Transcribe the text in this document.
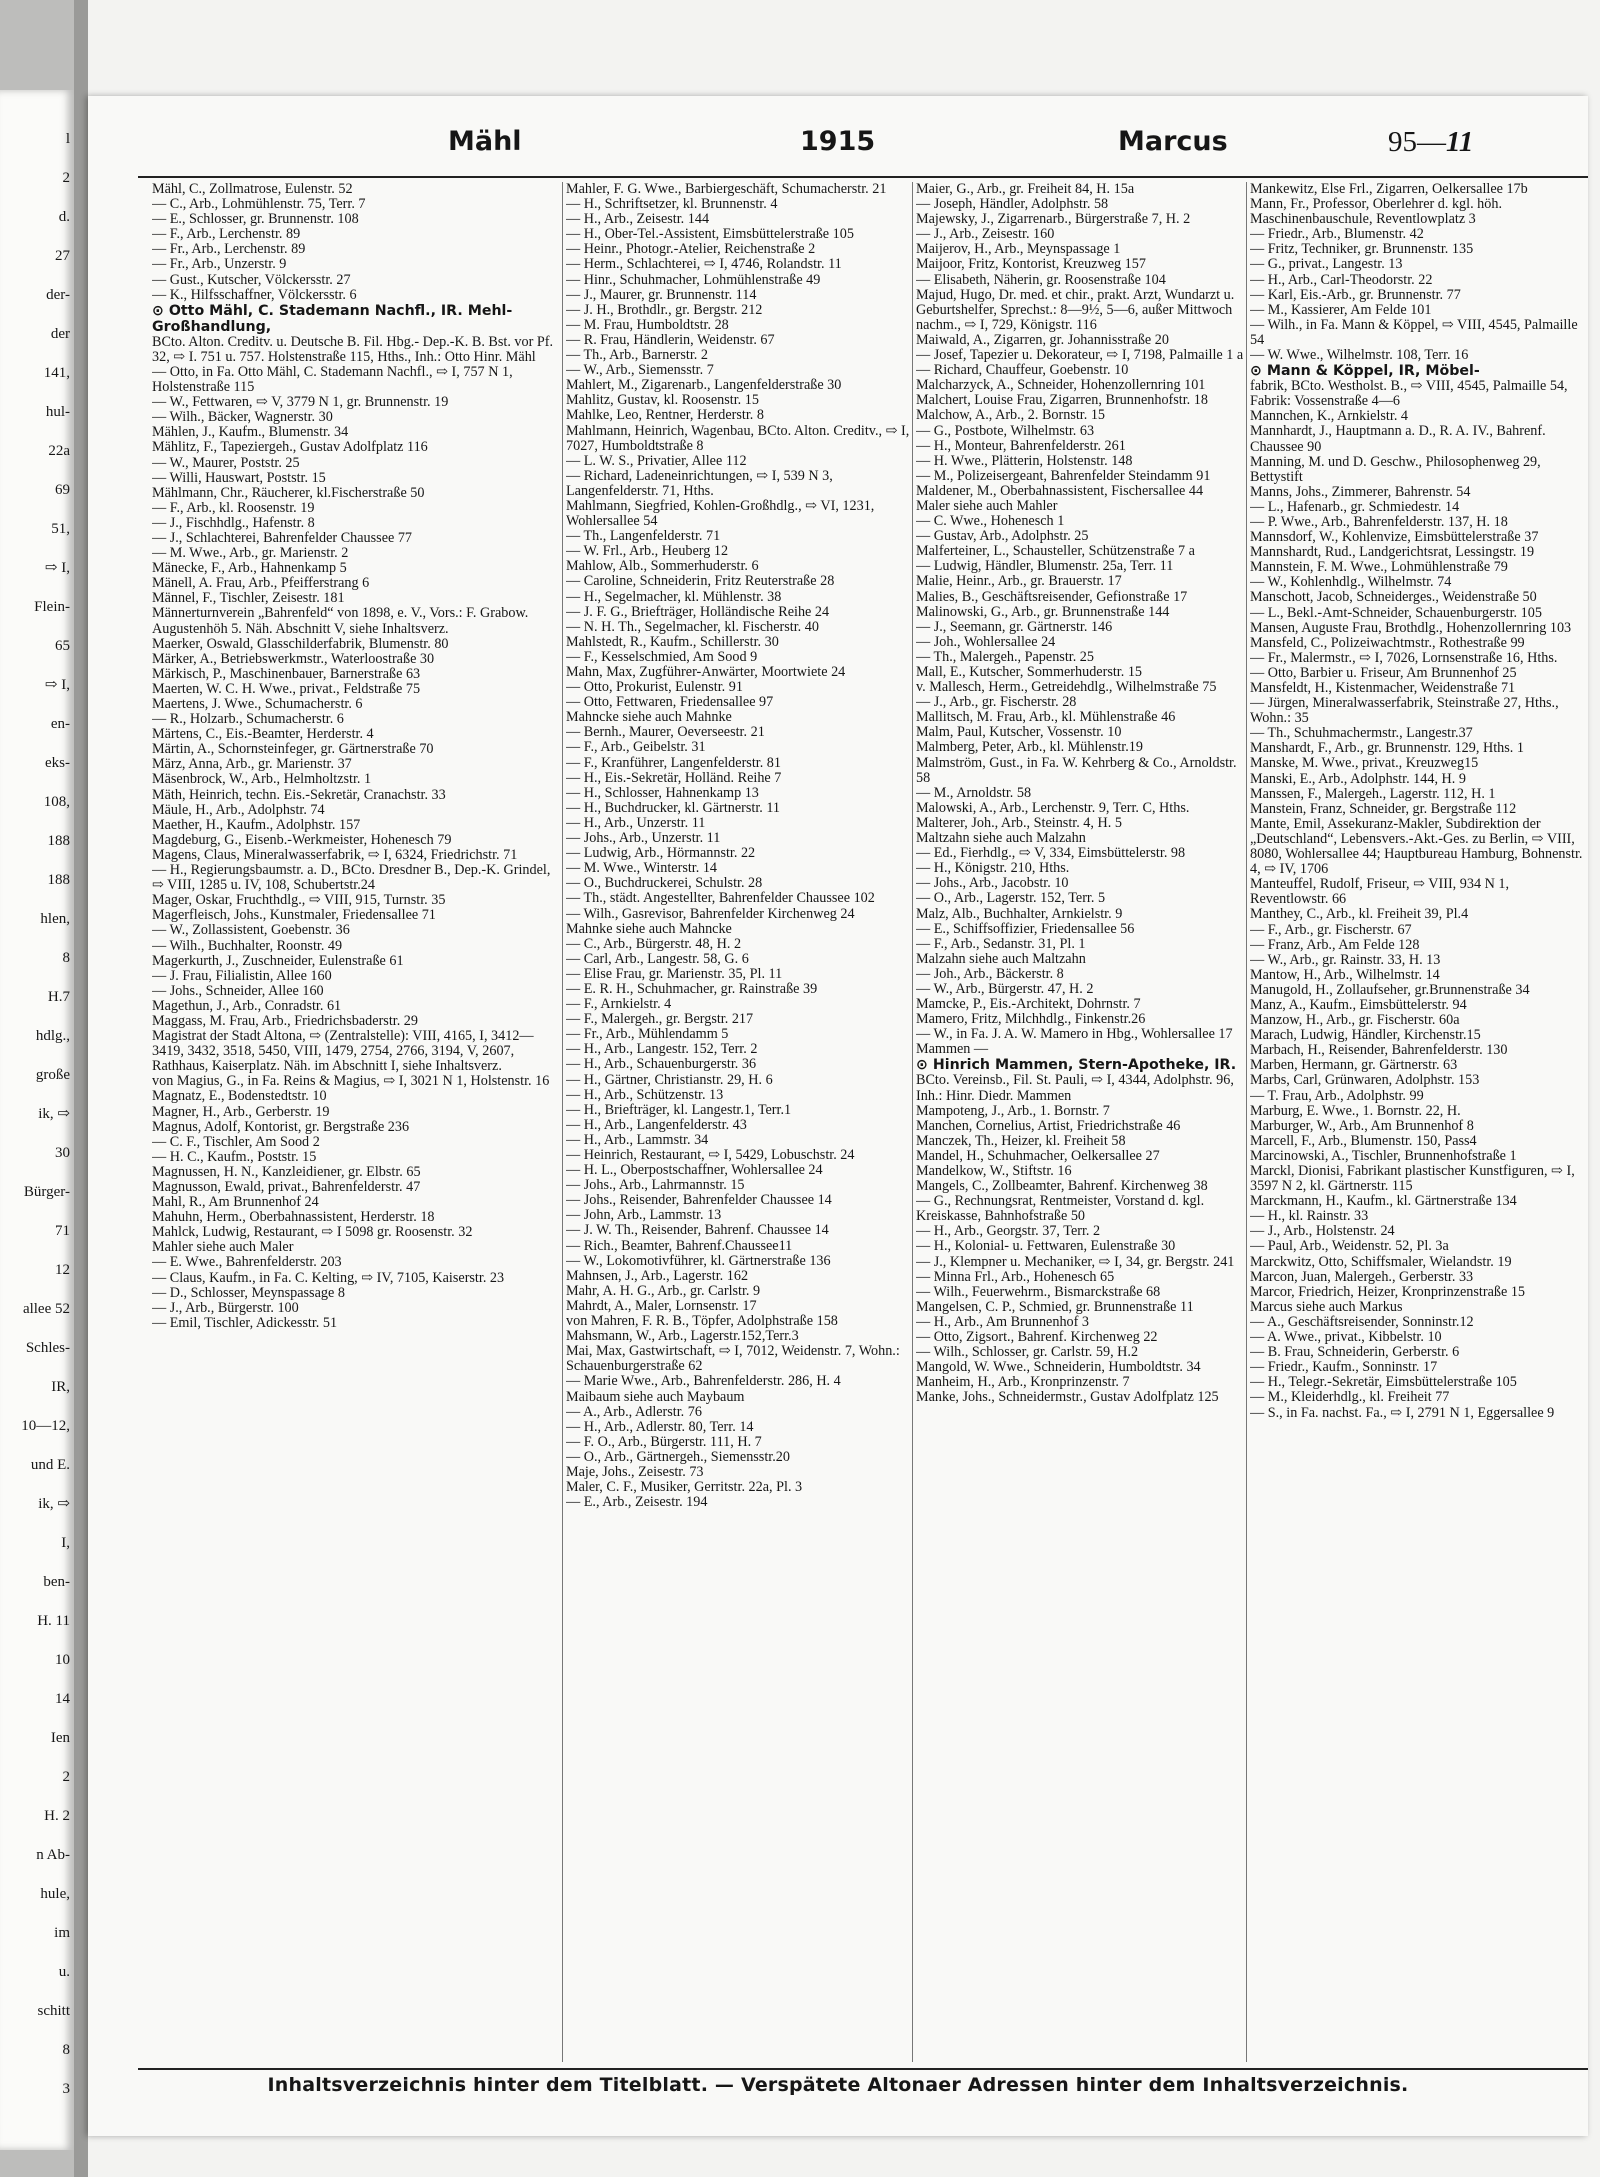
l
2
d.
27
der-
der
141,
hul-
22a
69
51,
⇨ I,
Flein-
65
⇨ I,
en-
eks-
108,
188
188
hlen,
8
H.7
hdlg.,
große
ik, ⇨
30
Bürger-
71
12
allee 52
Schles-
IR,
10—12,
und E.
ik, ⇨
I,
ben-
H. 11
10
14
Ien
2
H. 2
n Ab-
hule,
im
u.
schitt
8
3
Mähl	1915	Marcus	95—11
Mähl, C., Zollmatrose, Eulenstr. 52
— C., Arb., Lohmühlenstr. 75, Terr. 7
— E., Schlosser, gr. Brunnenstr. 108
— F., Arb., Lerchenstr. 89
— Fr., Arb., Lerchenstr. 89
— Fr., Arb., Unzerstr. 9
— Gust., Kutscher, Völckersstr. 27
— K., Hilfsschaffner, Völckersstr. 6
⊙ Otto Mähl, C. Stademann Nachfl., IR. Mehl-Großhandlung,
BCto. Alton. Creditv. u. Deutsche B. Fil. Hbg.- Dep.-K. B. Bst. vor Pf. 32, ⇨ I. 751 u. 757. Holstenstraße 115, Hths., Inh.: Otto Hinr. Mähl
— Otto, in Fa. Otto Mähl, C. Stademann Nachfl., ⇨ I, 757 N 1, Holstenstraße 115
— W., Fettwaren, ⇨ V, 3779 N 1, gr. Brunnenstr. 19
— Wilh., Bäcker, Wagnerstr. 30
Mählen, J., Kaufm., Blumenstr. 34
Mählitz, F., Tapeziergeh., Gustav Adolfplatz 116
— W., Maurer, Poststr. 25
— Willi, Hauswart, Poststr. 15
Mählmann, Chr., Räucherer, kl.Fischerstraße 50
— F., Arb., kl. Roosenstr. 19
— J., Fischhdlg., Hafenstr. 8
— J., Schlachterei, Bahrenfelder Chaussee 77
— M. Wwe., Arb., gr. Marienstr. 2
Mänecke, F., Arb., Hahnenkamp 5
Mänell, A. Frau, Arb., Pfeifferstrang 6
Männel, F., Tischler, Zeisestr. 181
Männerturnverein „Bahrenfeld“ von 1898, e. V., Vors.: F. Grabow. Augustenhöh 5. Näh. Abschnitt V, siehe Inhaltsverz.
Maerker, Oswald, Glasschilderfabrik, Blumenstr. 80
Märker, A., Betriebswerkmstr., Waterloostraße 30
Märkisch, P., Maschinenbauer, Barnerstraße 63
Maerten, W. C. H. Wwe., privat., Feldstraße 75
Maertens, J. Wwe., Schumacherstr. 6
— R., Holzarb., Schumacherstr. 6
Märtens, C., Eis.-Beamter, Herderstr. 4
Märtin, A., Schornsteinfeger, gr. Gärtnerstraße 70
März, Anna, Arb., gr. Marienstr. 37
Mäsenbrock, W., Arb., Helmholtzstr. 1
Mäth, Heinrich, techn. Eis.-Sekretär, Cranachstr. 33
Mäule, H., Arb., Adolphstr. 74
Maether, H., Kaufm., Adolphstr. 157
Magdeburg, G., Eisenb.-Werkmeister, Hohenesch 79
Magens, Claus, Mineralwasserfabrik, ⇨ I, 6324, Friedrichstr. 71
— H., Regierungsbaumstr. a. D., BCto. Dresdner B., Dep.-K. Grindel, ⇨ VIII, 1285 u. IV, 108, Schubertstr.24
Mager, Oskar, Fruchthdlg., ⇨ VIII, 915, Turnstr. 35
Magerfleisch, Johs., Kunstmaler, Friedensallee 71
— W., Zollassistent, Goebenstr. 36
— Wilh., Buchhalter, Roonstr. 49
Magerkurth, J., Zuschneider, Eulenstraße 61
— J. Frau, Filialistin, Allee 160
— Johs., Schneider, Allee 160
Magethun, J., Arb., Conradstr. 61
Maggass, M. Frau, Arb., Friedrichsbaderstr. 29
Magistrat der Stadt Altona, ⇨ (Zentralstelle): VIII, 4165, I, 3412—3419, 3432, 3518, 5450, VIII, 1479, 2754, 2766, 3194, V, 2607, Rathhaus, Kaiserplatz. Näh. im Abschnitt I, siehe Inhaltsverz.
von Magius, G., in Fa. Reins & Magius, ⇨ I, 3021 N 1, Holstenstr. 16
Magnatz, E., Bodenstedtstr. 10
Magner, H., Arb., Gerberstr. 19
Magnus, Adolf, Kontorist, gr. Bergstraße 236
— C. F., Tischler, Am Sood 2
— H. C., Kaufm., Poststr. 15
Magnussen, H. N., Kanzleidiener, gr. Elbstr. 65
Magnusson, Ewald, privat., Bahrenfelderstr. 47
Mahl, R., Am Brunnenhof 24
Mahuhn, Herm., Oberbahnassistent, Herderstr. 18
Mahlck, Ludwig, Restaurant, ⇨ I 5098 gr. Roosenstr. 32
Mahler siehe auch Maler
— E. Wwe., Bahrenfelderstr. 203
— Claus, Kaufm., in Fa. C. Kelting, ⇨ IV, 7105, Kaiserstr. 23
— D., Schlosser, Meynspassage 8
— J., Arb., Bürgerstr. 100
— Emil, Tischler, Adickesstr. 51
Mahler, F. G. Wwe., Barbiergeschäft, Schumacherstr. 21
— H., Schriftsetzer, kl. Brunnenstr. 4
— H., Arb., Zeisestr. 144
— H., Ober-Tel.-Assistent, Eimsbüttelerstraße 105
— Heinr., Photogr.-Atelier, Reichenstraße 2
— Herm., Schlachterei, ⇨ I, 4746, Rolandstr. 11
— Hinr., Schuhmacher, Lohmühlenstraße 49
— J., Maurer, gr. Brunnenstr. 114
— J. H., Brothdlr., gr. Bergstr. 212
— M. Frau, Humboldtstr. 28
— R. Frau, Händlerin, Weidenstr. 67
— Th., Arb., Barnerstr. 2
— W., Arb., Siemensstr. 7
Mahlert, M., Zigarenarb., Langenfelderstraße 30
Mahlitz, Gustav, kl. Roosenstr. 15
Mahlke, Leo, Rentner, Herderstr. 8
Mahlmann, Heinrich, Wagenbau, BCto. Alton. Creditv., ⇨ I, 7027, Humboldtstraße 8
— L. W. S., Privatier, Allee 112
— Richard, Ladeneinrichtungen, ⇨ I, 539 N 3, Langenfelderstr. 71, Hths.
Mahlmann, Siegfried, Kohlen-Großhdlg., ⇨ VI, 1231, Wohlersallee 54
— Th., Langenfelderstr. 71
— W. Frl., Arb., Heuberg 12
Mahlow, Alb., Sommerhuderstr. 6
— Caroline, Schneiderin, Fritz Reuterstraße 28
— H., Segelmacher, kl. Mühlenstr. 38
— J. F. G., Briefträger, Holländische Reihe 24
— N. H. Th., Segelmacher, kl. Fischerstr. 40
Mahlstedt, R., Kaufm., Schillerstr. 30
— F., Kesselschmied, Am Sood 9
Mahn, Max, Zugführer-Anwärter, Moortwiete 24
— Otto, Prokurist, Eulenstr. 91
— Otto, Fettwaren, Friedensallee 97
Mahncke siehe auch Mahnke
— Bernh., Maurer, Oeverseestr. 21
— F., Arb., Geibelstr. 31
— F., Kranführer, Langenfelderstr. 81
— H., Eis.-Sekretär, Holländ. Reihe 7
— H., Schlosser, Hahnenkamp 13
— H., Buchdrucker, kl. Gärtnerstr. 11
— H., Arb., Unzerstr. 11
— Johs., Arb., Unzerstr. 11
— Ludwig, Arb., Hörmannstr. 22
— M. Wwe., Winterstr. 14
— O., Buchdruckerei, Schulstr. 28
— Th., städt. Angestellter, Bahrenfelder Chaussee 102
— Wilh., Gasrevisor, Bahrenfelder Kirchenweg 24
Mahnke siehe auch Mahncke
— C., Arb., Bürgerstr. 48, H. 2
— Carl, Arb., Langestr. 58, G. 6
— Elise Frau, gr. Marienstr. 35, Pl. 11
— E. R. H., Schuhmacher, gr. Rainstraße 39
— F., Arnkielstr. 4
— F., Malergeh., gr. Bergstr. 217
— Fr., Arb., Mühlendamm 5
— H., Arb., Langestr. 152, Terr. 2
— H., Arb., Schauenburgerstr. 36
— H., Gärtner, Christianstr. 29, H. 6
— H., Arb., Schützenstr. 13
— H., Briefträger, kl. Langestr.1, Terr.1
— H., Arb., Langenfelderstr. 43
— H., Arb., Lammstr. 34
— Heinrich, Restaurant, ⇨ I, 5429, Lobuschstr. 24
— H. L., Oberpostschaffner, Wohlersallee 24
— Johs., Arb., Lahrmannstr. 15
— Johs., Reisender, Bahrenfelder Chaussee 14
— John, Arb., Lammstr. 13
— J. W. Th., Reisender, Bahrenf. Chaussee 14
— Rich., Beamter, Bahrenf.Chaussee11
— W., Lokomotivführer, kl. Gärtnerstraße 136
Mahnsen, J., Arb., Lagerstr. 162
Mahr, A. H. G., Arb., gr. Carlstr. 9
Mahrdt, A., Maler, Lornsenstr. 17
von Mahren, F. R. B., Töpfer, Adolphstraße 158
Mahsmann, W., Arb., Lagerstr.152,Terr.3
Mai, Max, Gastwirtschaft, ⇨ I, 7012, Weidenstr. 7, Wohn.: Schauenburgerstraße 62
— Marie Wwe., Arb., Bahrenfelderstr. 286, H. 4
Maibaum siehe auch Maybaum
— A., Arb., Adlerstr. 76
— H., Arb., Adlerstr. 80, Terr. 14
— F. O., Arb., Bürgerstr. 111, H. 7
— O., Arb., Gärtnergeh., Siemensstr.20
Maje, Johs., Zeisestr. 73
Maler, C. F., Musiker, Gerritstr. 22a, Pl. 3
— E., Arb., Zeisestr. 194
Maier, G., Arb., gr. Freiheit 84, H. 15a
— Joseph, Händler, Adolphstr. 58
Majewsky, J., Zigarrenarb., Bürgerstraße 7, H. 2
— J., Arb., Zeisestr. 160
Maijerov, H., Arb., Meynspassage 1
Maijoor, Fritz, Kontorist, Kreuzweg 157
— Elisabeth, Näherin, gr. Roosenstraße 104
Majud, Hugo, Dr. med. et chir., prakt. Arzt, Wundarzt u. Geburtshelfer, Sprechst.: 8—9½, 5—6, außer Mittwoch nachm., ⇨ I, 729, Königstr. 116
Maiwald, A., Zigarren, gr. Johannisstraße 20
— Josef, Tapezier u. Dekorateur, ⇨ I, 7198, Palmaille 1 a
— Richard, Chauffeur, Goebenstr. 10
Malcharzyck, A., Schneider, Hohenzollernring 101
Malchert, Louise Frau, Zigarren, Brunnenhofstr. 18
Malchow, A., Arb., 2. Bornstr. 15
— G., Postbote, Wilhelmstr. 63
— H., Monteur, Bahrenfelderstr. 261
— H. Wwe., Plätterin, Holstenstr. 148
— M., Polizeisergeant, Bahrenfelder Steindamm 91
Maldener, M., Oberbahnassistent, Fischersallee 44
Maler siehe auch Mahler
— C. Wwe., Hohenesch 1
— Gustav, Arb., Adolphstr. 25
Malferteiner, L., Schausteller, Schützenstraße 7 a
— Ludwig, Händler, Blumenstr. 25a, Terr. 11
Malie, Heinr., Arb., gr. Brauerstr. 17
Malies, B., Geschäftsreisender, Gefionstraße 17
Malinowski, G., Arb., gr. Brunnenstraße 144
— J., Seemann, gr. Gärtnerstr. 146
— Joh., Wohlersallee 24
— Th., Malergeh., Papenstr. 25
Mall, E., Kutscher, Sommerhuderstr. 15
v. Mallesch, Herm., Getreidehdlg., Wilhelmstraße 75
— J., Arb., gr. Fischerstr. 28
Mallitsch, M. Frau, Arb., kl. Mühlenstraße 46
Malm, Paul, Kutscher, Vossenstr. 10
Malmberg, Peter, Arb., kl. Mühlenstr.19
Malmström, Gust., in Fa. W. Kehrberg & Co., Arnoldstr. 58
— M., Arnoldstr. 58
Malowski, A., Arb., Lerchenstr. 9, Terr. C, Hths.
Malterer, Joh., Arb., Steinstr. 4, H. 5
Maltzahn siehe auch Malzahn
— Ed., Fierhdlg., ⇨ V, 334, Eimsbüttelerstr. 98
— H., Königstr. 210, Hths.
— Johs., Arb., Jacobstr. 10
— O., Arb., Lagerstr. 152, Terr. 5
Malz, Alb., Buchhalter, Arnkielstr. 9
— E., Schiffsoffizier, Friedensallee 56
— F., Arb., Sedanstr. 31, Pl. 1
Malzahn siehe auch Maltzahn
— Joh., Arb., Bäckerstr. 8
— W., Arb., Bürgerstr. 47, H. 2
Mamcke, P., Eis.-Architekt, Dohrnstr. 7
Mamero, Fritz, Milchhdlg., Finkenstr.26
— W., in Fa. J. A. W. Mamero in Hbg., Wohlersallee 17
Mammen —
⊙ Hinrich Mammen, Stern-Apotheke, IR.
BCto. Vereinsb., Fil. St. Pauli, ⇨ I, 4344, Adolphstr. 96, Inh.: Hinr. Diedr. Mammen
Mampoteng, J., Arb., 1. Bornstr. 7
Manchen, Cornelius, Artist, Friedrichstraße 46
Manczek, Th., Heizer, kl. Freiheit 58
Mandel, H., Schuhmacher, Oelkersallee 27
Mandelkow, W., Stiftstr. 16
Mangels, C., Zollbeamter, Bahrenf. Kirchenweg 38
— G., Rechnungsrat, Rentmeister, Vorstand d. kgl. Kreiskasse, Bahnhofstraße 50
— H., Arb., Georgstr. 37, Terr. 2
— H., Kolonial- u. Fettwaren, Eulenstraße 30
— J., Klempner u. Mechaniker, ⇨ I, 34, gr. Bergstr. 241
— Minna Frl., Arb., Hohenesch 65
— Wilh., Feuerwehrm., Bismarckstraße 68
Mangelsen, C. P., Schmied, gr. Brunnenstraße 11
— H., Arb., Am Brunnenhof 3
— Otto, Zigsort., Bahrenf. Kirchenweg 22
— Wilh., Schlosser, gr. Carlstr. 59, H.2
Mangold, W. Wwe., Schneiderin, Humboldtstr. 34
Manheim, H., Arb., Kronprinzenstr. 7
Manke, Johs., Schneidermstr., Gustav Adolfplatz 125
Mankewitz, Else Frl., Zigarren, Oelkersallee 17b
Mann, Fr., Professor, Oberlehrer d. kgl. höh. Maschinenbauschule, Reventlowplatz 3
— Friedr., Arb., Blumenstr. 42
— Fritz, Techniker, gr. Brunnenstr. 135
— G., privat., Langestr. 13
— H., Arb., Carl-Theodorstr. 22
— Karl, Eis.-Arb., gr. Brunnenstr. 77
— M., Kassierer, Am Felde 101
— Wilh., in Fa. Mann & Köppel, ⇨ VIII, 4545, Palmaille 54
— W. Wwe., Wilhelmstr. 108, Terr. 16
⊙ Mann & Köppel, IR, Möbel-
fabrik, BCto. Westholst. B., ⇨ VIII, 4545, Palmaille 54, Fabrik: Vossenstraße 4—6
Mannchen, K., Arnkielstr. 4
Mannhardt, J., Hauptmann a. D., R. A. IV., Bahrenf. Chaussee 90
Manning, M. und D. Geschw., Philosophenweg 29, Bettystift
Manns, Johs., Zimmerer, Bahrenstr. 54
— L., Hafenarb., gr. Schmiedestr. 14
— P. Wwe., Arb., Bahrenfelderstr. 137, H. 18
Mannsdorf, W., Kohlenvize, Eimsbüttelerstraße 37
Mannshardt, Rud., Landgerichtsrat, Lessingstr. 19
Mannstein, F. M. Wwe., Lohmühlenstraße 79
— W., Kohlenhdlg., Wilhelmstr. 74
Manschott, Jacob, Schneiderges., Weidenstraße 50
— L., Bekl.-Amt-Schneider, Schauenburgerstr. 105
Mansen, Auguste Frau, Brothdlg., Hohenzollernring 103
Mansfeld, C., Polizeiwachtmstr., Rothestraße 99
— Fr., Malermstr., ⇨ I, 7026, Lornsenstraße 16, Hths.
— Otto, Barbier u. Friseur, Am Brunnenhof 25
Mansfeldt, H., Kistenmacher, Weidenstraße 71
— Jürgen, Mineralwasserfabrik, Steinstraße 27, Hths., Wohn.: 35
— Th., Schuhmachermstr., Langestr.37
Manshardt, F., Arb., gr. Brunnenstr. 129, Hths. 1
Manske, M. Wwe., privat., Kreuzweg15
Manski, E., Arb., Adolphstr. 144, H. 9
Manssen, F., Malergeh., Lagerstr. 112, H. 1
Manstein, Franz, Schneider, gr. Bergstraße 112
Mante, Emil, Assekuranz-Makler, Subdirektion der „Deutschland“, Lebensvers.-Akt.-Ges. zu Berlin, ⇨ VIII, 8080, Wohlersallee 44; Hauptbureau Hamburg, Bohnenstr. 4, ⇨ IV, 1706
Manteuffel, Rudolf, Friseur, ⇨ VIII, 934 N 1, Reventlowstr. 66
Manthey, C., Arb., kl. Freiheit 39, Pl.4
— F., Arb., gr. Fischerstr. 67
— Franz, Arb., Am Felde 128
— W., Arb., gr. Rainstr. 33, H. 13
Mantow, H., Arb., Wilhelmstr. 14
Manugold, H., Zollaufseher, gr.Brunnenstraße 34
Manz, A., Kaufm., Eimsbüttelerstr. 94
Manzow, H., Arb., gr. Fischerstr. 60a
Marach, Ludwig, Händler, Kirchenstr.15
Marbach, H., Reisender, Bahrenfelderstr. 130
Marben, Hermann, gr. Gärtnerstr. 63
Marbs, Carl, Grünwaren, Adolphstr. 153
— T. Frau, Arb., Adolphstr. 99
Marburg, E. Wwe., 1. Bornstr. 22, H.
Marburger, W., Arb., Am Brunnenhof 8
Marcell, F., Arb., Blumenstr. 150, Pass4
Marcinowski, A., Tischler, Brunnenhofstraße 1
Marckl, Dionisi, Fabrikant plastischer Kunstfiguren, ⇨ I, 3597 N 2, kl. Gärtnerstr. 115
Marckmann, H., Kaufm., kl. Gärtnerstraße 134
— H., kl. Rainstr. 33
— J., Arb., Holstenstr. 24
— Paul, Arb., Weidenstr. 52, Pl. 3a
Marckwitz, Otto, Schiffsmaler, Wielandstr. 19
Marcon, Juan, Malergeh., Gerberstr. 33
Marcor, Friedrich, Heizer, Kronprinzenstraße 15
Marcus siehe auch Markus
— A., Geschäftsreisender, Sonninstr.12
— A. Wwe., privat., Kibbelstr. 10
— B. Frau, Schneiderin, Gerberstr. 6
— Friedr., Kaufm., Sonninstr. 17
— H., Telegr.-Sekretär, Eimsbüttelerstraße 105
— M., Kleiderhdlg., kl. Freiheit 77
— S., in Fa. nachst. Fa., ⇨ I, 2791 N 1, Eggersallee 9
Inhaltsverzeichnis hinter dem Titelblatt. — Verspätete Altonaer Adressen hinter dem Inhaltsverzeichnis.
